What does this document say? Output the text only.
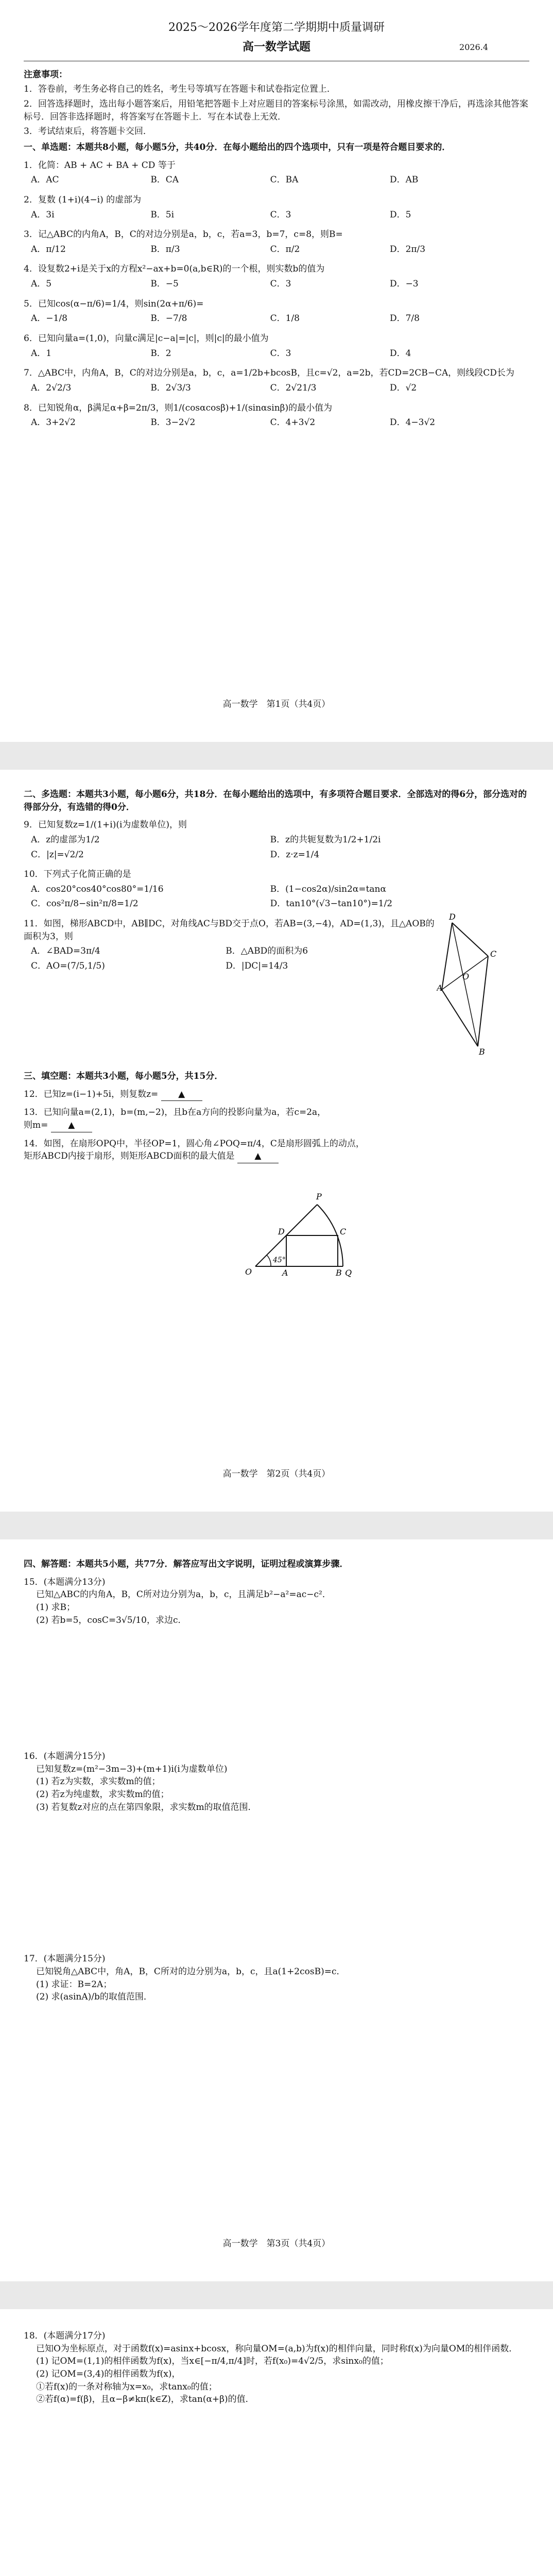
2025～2026学年度第二学期期中质量调研
高一数学试题	2026.4
注意事项：
1．答卷前，考生务必将自己的姓名，考生号等填写在答题卡和试卷指定位置上．
2．回答选择题时，选出每小题答案后，用铅笔把答题卡上对应题目的答案标号涂黑，如需改动，用橡皮擦干净后，再选涂其他答案标号．回答非选择题时，将答案写在答题卡上．写在本试卷上无效．
3．考试结束后，将答题卡交回．
一、单选题：本题共8小题，每小题5分，共40分．在每小题给出的四个选项中，只有一项是符合题目要求的．
1．化简：AB + AC + BA + CD 等于
A．AC	B．CA	C．BA	D．AB
2．复数 (1+i)(4−i) 的虚部为
A．3i	B．5i	C．3	D．5
3．记△ABC的内角A，B，C的对边分别是a，b，c，若a=3，b=7，c=8，则B=
A．π/12	B．π/3	C．π/2	D．2π/3
4．设复数2+i是关于x的方程x²−ax+b=0(a,b∈R)的一个根，则实数b的值为
A．5	B．−5	C．3	D．−3
5．已知cos(α−π/6)=1/4，则sin(2α+π/6)=
A．−1/8	B．−7/8	C．1/8	D．7/8
6．已知向量a=(1,0)，向量c满足|c−a|=|c|，则|c|的最小值为
A．1	B．2	C．3	D．4
7．△ABC中，内角A，B，C的对边分别是a，b，c，a=1/2b+bcosB，且c=√2，a=2b，若CD=2CB−CA，则线段CD长为
A．2√2/3	B．2√3/3	C．2√21/3	D．√2
8．已知锐角α，β满足α+β=2π/3，则1/(cosαcosβ)+1/(sinαsinβ)的最小值为
A．3+2√2	B．3−2√2	C．4+3√2	D．4−3√2
高一数学　第1页（共4页）
二、多选题：本题共3小题，每小题6分，共18分．在每小题给出的选项中，有多项符合题目要求．全部选对的得6分，部分选对的得部分分，有选错的得0分．
9．已知复数z=1/(1+i)(i为虚数单位)，则
A．z的虚部为1/2	B．z的共轭复数为1/2+1/2i
C．|z|=√2/2	D．z·z=1/4
10．下列式子化简正确的是
A．cos20°cos40°cos80°=1/16	B．(1−cos2α)/sin2α=tanα
C．cos²π/8−sin²π/8=1/2	D．tan10°(√3−tan10°)=1/2
D
C
A
O
B
11．如图，梯形ABCD中，AB∥DC，对角线AC与BD交于点O，若AB=(3,−4)，AD=(1,3)，且△AOB的面积为3，则
A．∠BAD=3π/4	B．△ABD的面积为6
C．AO=(7/5,1/5)	D．|DC|=14/3
三、填空题：本题共3小题，每小题5分，共15分．
12．已知z=(i−1)+5i，则复数z= ▲
13．已知向量a=(2,1)，b=(m,−2)，且b在a方向的投影向量为a，若c=2a，
则m= ▲
14．如图，在扇形OPQ中，半径OP=1，圆心角∠POQ=π/4，C是扇形圆弧上的动点，
矩形ABCD内接于扇形，则矩形ABCD面积的最大值是 ▲
P
D	C
O	A	B Q
45°
高一数学　第2页（共4页）
四、解答题：本题共5小题，共77分．解答应写出文字说明，证明过程或演算步骤．
15．(本题满分13分)
已知△ABC的内角A，B，C所对边分别为a，b，c，且满足b²−a²=ac−c²．
(1) 求B；
(2) 若b=5，cosC=3√5/10，求边c．
16．(本题满分15分)
已知复数z=(m²−3m−3)+(m+1)i(i为虚数单位)
(1) 若z为实数，求实数m的值；
(2) 若z为纯虚数，求实数m的值；
(3) 若复数z对应的点在第四象限，求实数m的取值范围．
17．(本题满分15分)
已知锐角△ABC中，角A，B，C所对的边分别为a，b，c，且a(1+2cosB)=c．
(1) 求证：B=2A；
(2) 求(asinA)/b的取值范围．
高一数学　第3页（共4页）
18．(本题满分17分)
已知O为坐标原点，对于函数f(x)=asinx+bcosx，称向量OM=(a,b)为f(x)的相伴向量，同时称f(x)为向量OM的相伴函数．
(1) 记OM=(1,1)的相伴函数为f(x)，当x∈[−π/4,π/4]时，若f(x₀)=4√2/5，求sinx₀的值；
(2) 记OM=(3,4)的相伴函数为f(x)，
①若f(x)的一条对称轴为x=x₀，求tanx₀的值；
②若f(α)=f(β)，且α−β≠kπ(k∈Z)，求tan(α+β)的值．
